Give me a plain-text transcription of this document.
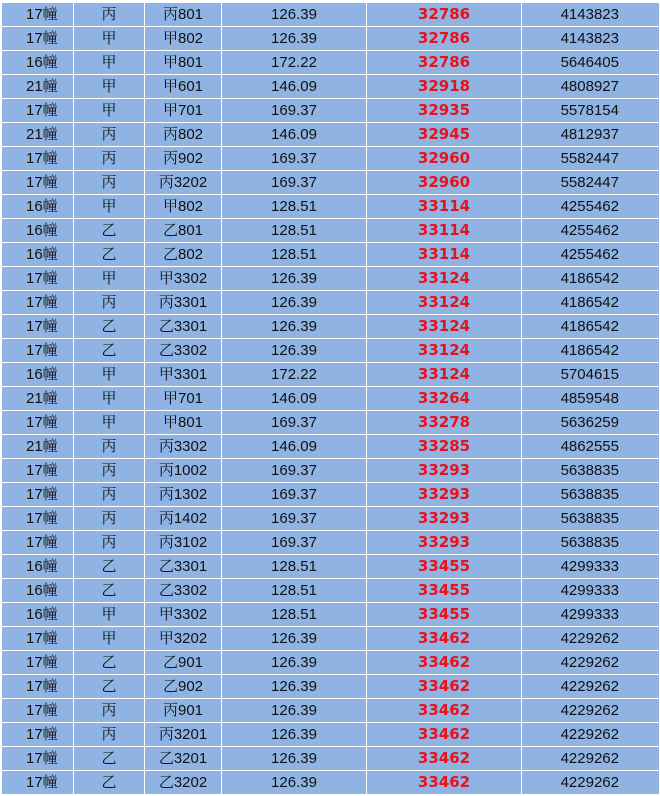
17幢	丙	丙801	126.39	32786	4143823
17幢	甲	甲802	126.39	32786	4143823
16幢	甲	甲801	172.22	32786	5646405
21幢	甲	甲601	146.09	32918	4808927
17幢	甲	甲701	169.37	32935	5578154
21幢	丙	丙802	146.09	32945	4812937
17幢	丙	丙902	169.37	32960	5582447
17幢	丙	丙3202	169.37	32960	5582447
16幢	甲	甲802	128.51	33114	4255462
16幢	乙	乙801	128.51	33114	4255462
16幢	乙	乙802	128.51	33114	4255462
17幢	甲	甲3302	126.39	33124	4186542
17幢	丙	丙3301	126.39	33124	4186542
17幢	乙	乙3301	126.39	33124	4186542
17幢	乙	乙3302	126.39	33124	4186542
16幢	甲	甲3301	172.22	33124	5704615
21幢	甲	甲701	146.09	33264	4859548
17幢	甲	甲801	169.37	33278	5636259
21幢	丙	丙3302	146.09	33285	4862555
17幢	丙	丙1002	169.37	33293	5638835
17幢	丙	丙1302	169.37	33293	5638835
17幢	丙	丙1402	169.37	33293	5638835
17幢	丙	丙3102	169.37	33293	5638835
16幢	乙	乙3301	128.51	33455	4299333
16幢	乙	乙3302	128.51	33455	4299333
16幢	甲	甲3302	128.51	33455	4299333
17幢	甲	甲3202	126.39	33462	4229262
17幢	乙	乙901	126.39	33462	4229262
17幢	乙	乙902	126.39	33462	4229262
17幢	丙	丙901	126.39	33462	4229262
17幢	丙	丙3201	126.39	33462	4229262
17幢	乙	乙3201	126.39	33462	4229262
17幢	乙	乙3202	126.39	33462	4229262
